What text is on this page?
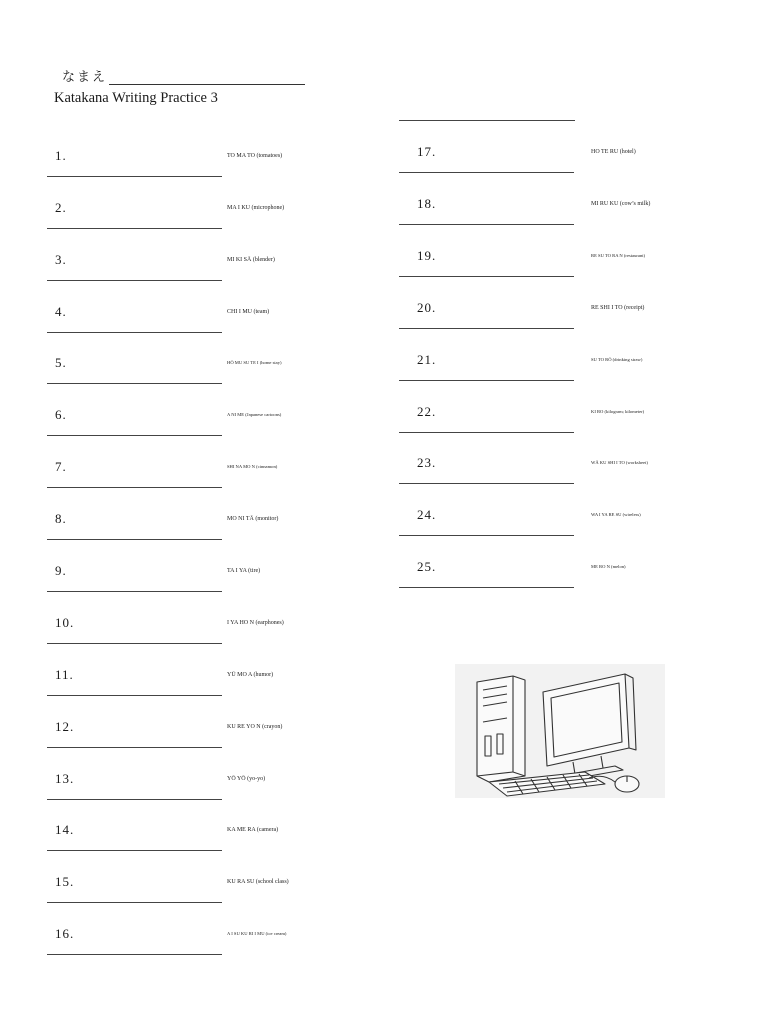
なまえ
Katakana Writing Practice 3
1.	TO MA TO (tomatoes)
2.	MA I KU (microphone)
3.	MI KI SĀ (blender)
4.	CHI I MU (team)
5.	HŌ MU SU TE I (home stay)
6.	A NI ME (Japanese cartoons)
7.	SHI NA MO N (cinnamon)
8.	MO NI TĀ (monitor)
9.	TA I YA (tire)
10.	I YA HO N (earphones)
11.	YŪ MO A (humor)
12.	KU RE YO N (crayon)
13.	YŌ YŌ (yo-yo)
14.	KA ME RA (camera)
15.	KU RA SU (school class)
16.	A I SU KU RI I MU (ice cream)
17.	HO TE RU (hotel)
18.	MI RU KU (cow’s milk)
19.	RE SU TO RA N (restaurant)
20.	RE SHI I TO (receipt)
21.	SU TO RŌ (drinking straw)
22.	KI RO (kilogram; kilometer)
23.	WĀ KU SHI I TO (worksheet)
24.	WA I YA RE SU (wireless)
25.	ME RO N (melon)
